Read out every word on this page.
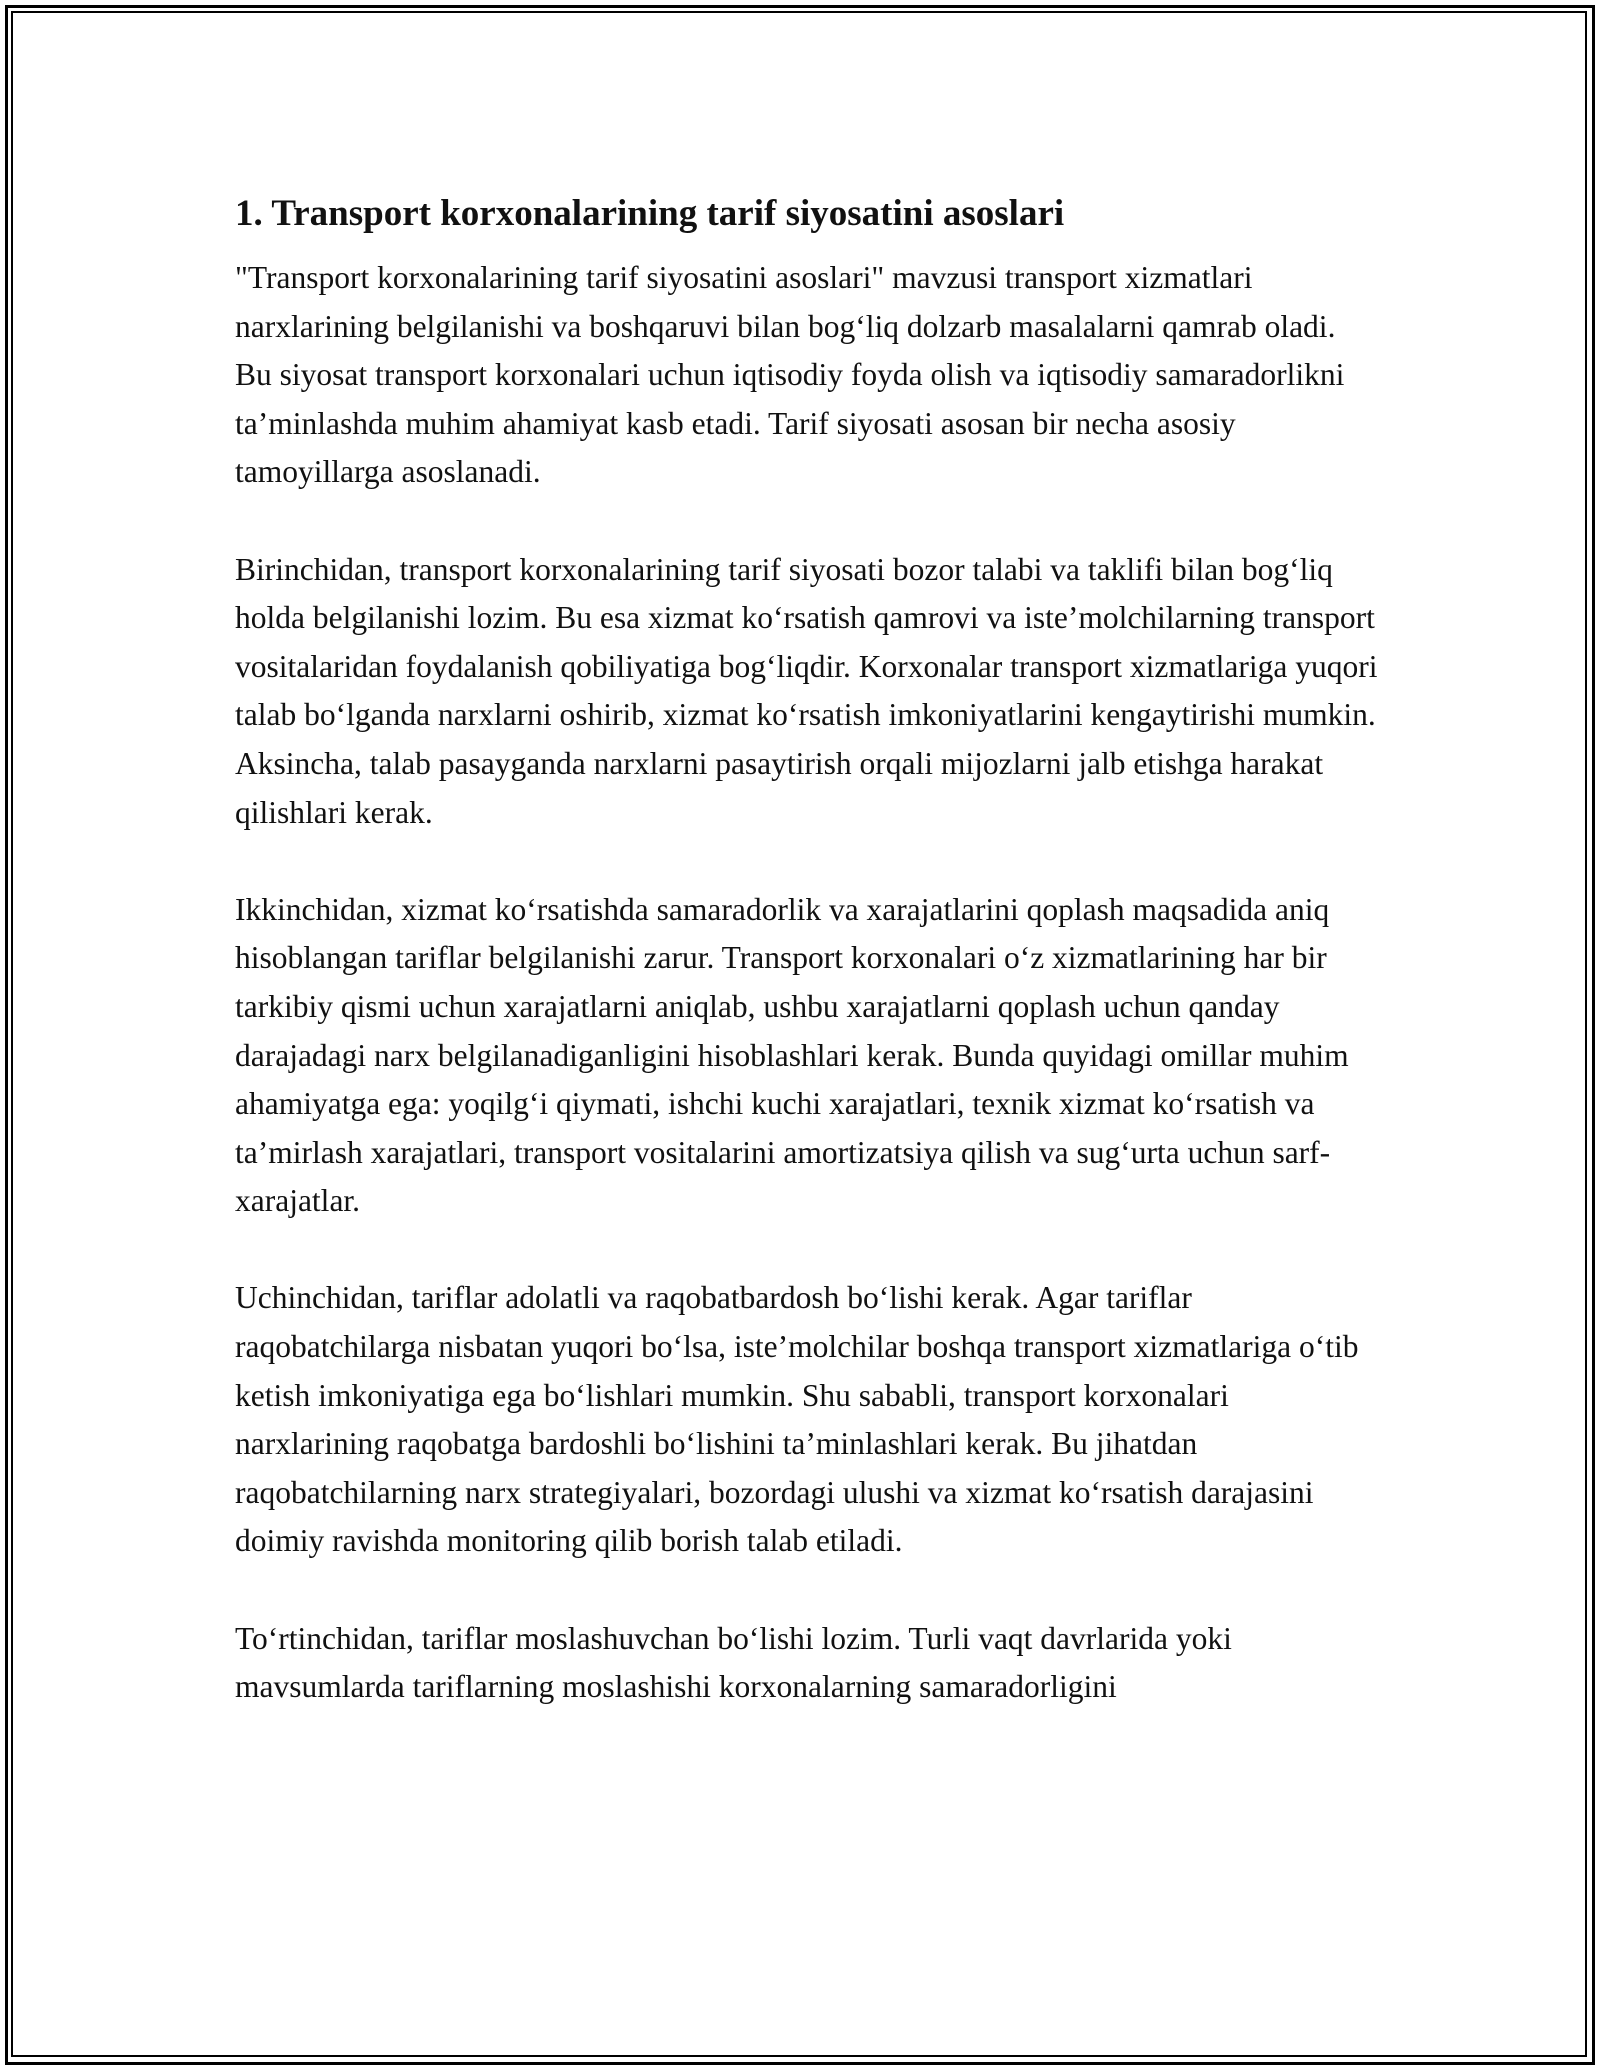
1. Transport korxonalarining tarif siyosatini asoslari

"Transport korxonalarining tarif siyosatini asoslari" mavzusi transport xizmatlari narxlarining belgilanishi va boshqaruvi bilan bog‘liq dolzarb masalalarni qamrab oladi. Bu siyosat transport korxonalari uchun iqtisodiy foyda olish va iqtisodiy samaradorlikni ta’minlashda muhim ahamiyat kasb etadi. Tarif siyosati asosan bir necha asosiy tamoyillarga asoslanadi.

Birinchidan, transport korxonalarining tarif siyosati bozor talabi va taklifi bilan bog‘liq holda belgilanishi lozim. Bu esa xizmat ko‘rsatish qamrovi va iste’molchilarning transport vositalaridan foydalanish qobiliyatiga bog‘liqdir. Korxonalar transport xizmatlariga yuqori talab bo‘lganda narxlarni oshirib, xizmat ko‘rsatish imkoniyatlarini kengaytirishi mumkin. Aksincha, talab pasayganda narxlarni pasaytirish orqali mijozlarni jalb etishga harakat qilishlari kerak.

Ikkinchidan, xizmat ko‘rsatishda samaradorlik va xarajatlarini qoplash maqsadida aniq hisoblangan tariflar belgilanishi zarur. Transport korxonalari o‘z xizmatlarining har bir tarkibiy qismi uchun xarajatlarni aniqlab, ushbu xarajatlarni qoplash uchun qanday darajadagi narx belgilanadiganligini hisoblashlari kerak. Bunda quyidagi omillar muhim ahamiyatga ega: yoqilg‘i qiymati, ishchi kuchi xarajatlari, texnik xizmat ko‘rsatish va ta’mirlash xarajatlari, transport vositalarini amortizatsiya qilish va sug‘urta uchun sarf-xarajatlar.

Uchinchidan, tariflar adolatli va raqobatbardosh bo‘lishi kerak. Agar tariflar raqobatchilarga nisbatan yuqori bo‘lsa, iste’molchilar boshqa transport xizmatlariga o‘tib ketish imkoniyatiga ega bo‘lishlari mumkin. Shu sababli, transport korxonalari narxlarining raqobatga bardoshli bo‘lishini ta’minlashlari kerak. Bu jihatdan raqobatchilarning narx strategiyalari, bozordagi ulushi va xizmat ko‘rsatish darajasini doimiy ravishda monitoring qilib borish talab etiladi.

To‘rtinchidan, tariflar moslashuvchan bo‘lishi lozim. Turli vaqt davrlarida yoki mavsumlarda tariflarning moslashishi korxonalarning samaradorligini
